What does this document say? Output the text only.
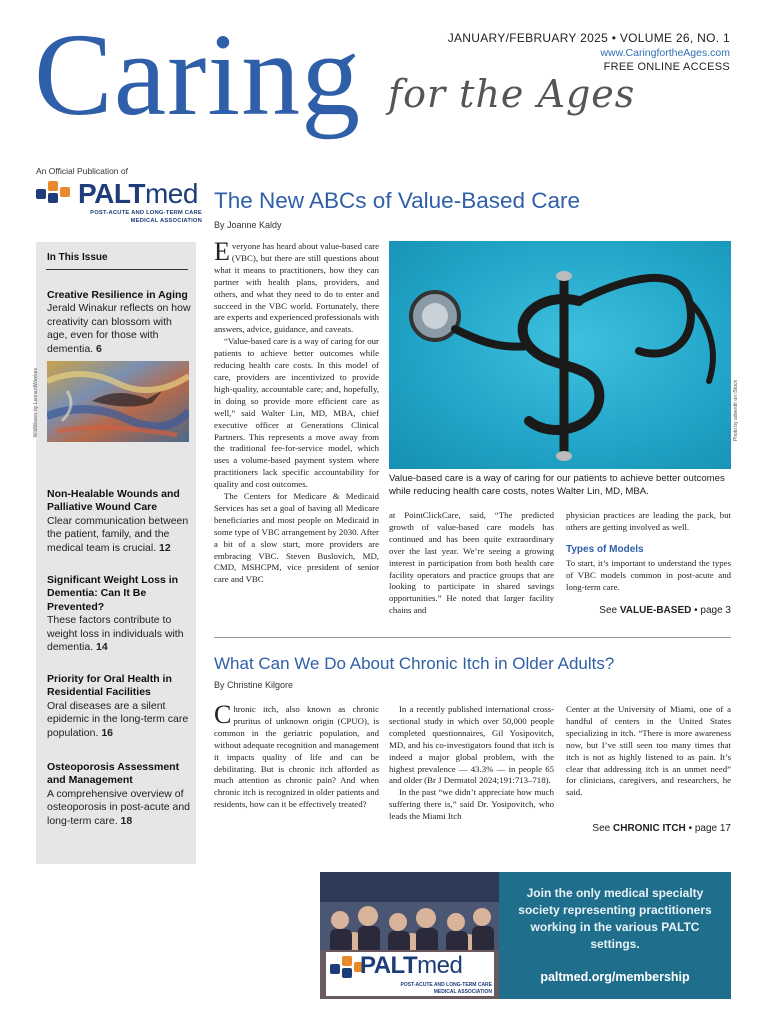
Caring for the Ages
JANUARY/FEBRUARY 2025 • VOLUME 26, NO. 1
www.CaringfortheAges.com
FREE ONLINE ACCESS
An Official Publication of
PALTmed
POST-ACUTE AND LONG-TERM CARE
MEDICAL ASSOCIATION
In This Issue
Creative Resilience in Aging
Jerald Winakur reflects on how creativity can blossom with age, even for those with dementia. 6
WildWaves by LeonardWeekes
Non-Healable Wounds and Palliative Wound Care
Clear communication between the patient, family, and the medical team is crucial. 12
Significant Weight Loss in Dementia: Can It Be Prevented?
These factors contribute to weight loss in individuals with dementia. 14
Priority for Oral Health in Residential Facilities
Oral diseases are a silent epidemic in the long-term care population. 16
Osteoporosis Assessment and Management
A comprehensive overview of osteoporosis in post-acute and long-term care. 18
The New ABCs of Value-Based Care
By Joanne Kaldy

Everyone has heard about value-based care (VBC), but there are still questions about what it means to practitioners, how they can partner with health plans, providers, and others, and what they need to do to enter and succeed in the VBC world. Fortunately, there are experts and experienced professionals with answers, advice, guidance, and caveats.

“Value-based care is a way of caring for our patients to achieve better outcomes while reducing health care costs. In this model of care, providers are incentivized to provide high-quality, accountable care; and, hopefully, in doing so provide more efficient care as well,” said Walter Lin, MD, MBA, chief executive officer at Generations Clinical Partners. This represents a move away from the traditional fee-for-service model, which uses a volume-based payment system where practitioners lack specific accountability for quality and cost outcomes.

The Centers for Medicare & Medicaid Services has set a goal of having all Medicare beneficiaries and most people on Medicaid in some type of VBC arrangement by 2030. After a bit of a slow start, more providers are embracing VBC. Steven Buslovich, MD, CMD, MSHCPM, vice president of senior care and VBC

Photo by adventtr on iStock
Value-based care is a way of caring for our patients to achieve better outcomes while reducing health care costs, notes Walter Lin, MD, MBA.

at PointClickCare, said, “The predicted growth of value-based care models has continued and has been quite extraordinary over the last year. We’re seeing a growing interest in participation from both health care facility operators and practice groups that are looking to participate in shared savings opportunities.” He noted that larger facility chains and

physician practices are leading the pack, but others are getting involved as well.

Types of Models

To start, it’s important to understand the types of VBC models common in post-acute and long-term care.

See VALUE-BASED • page 3
What Can We Do About Chronic Itch in Older Adults?
By Christine Kilgore

Chronic itch, also known as chronic pruritus of unknown origin (CPUO), is common in the geriatric population, and without adequate recognition and management it impacts quality of life and can be debilitating. But is chronic itch afforded as much attention as chronic pain? And when chronic itch is recognized in older patients and residents, how can it be effectively treated?

In a recently published international cross-sectional study in which over 50,000 people completed questionnaires, Gil Yosipovitch, MD, and his co-investigators found that itch is indeed a major global problem, with the highest prevalence — 43.3% — in people 65 and older (Br J Dermatol 2024;191:713–718).

In the past “we didn’t appreciate how much suffering there is,” said Dr. Yosipovitch, who leads the Miami Itch

Center at the University of Miami, one of a handful of centers in the United States specializing in itch. “There is more awareness now, but I’ve still seen too many times that itch is not as highly listened to as pain. It’s clear that addressing itch is an unmet need” for clinicians, caregivers, and researchers, he said.

See CHRONIC ITCH • page 17
PALTmed
POST-ACUTE AND LONG-TERM CARE
MEDICAL ASSOCIATION
Join the only medical specialty society representing practitioners working in the various PALTC settings.
paltmed.org/membership
